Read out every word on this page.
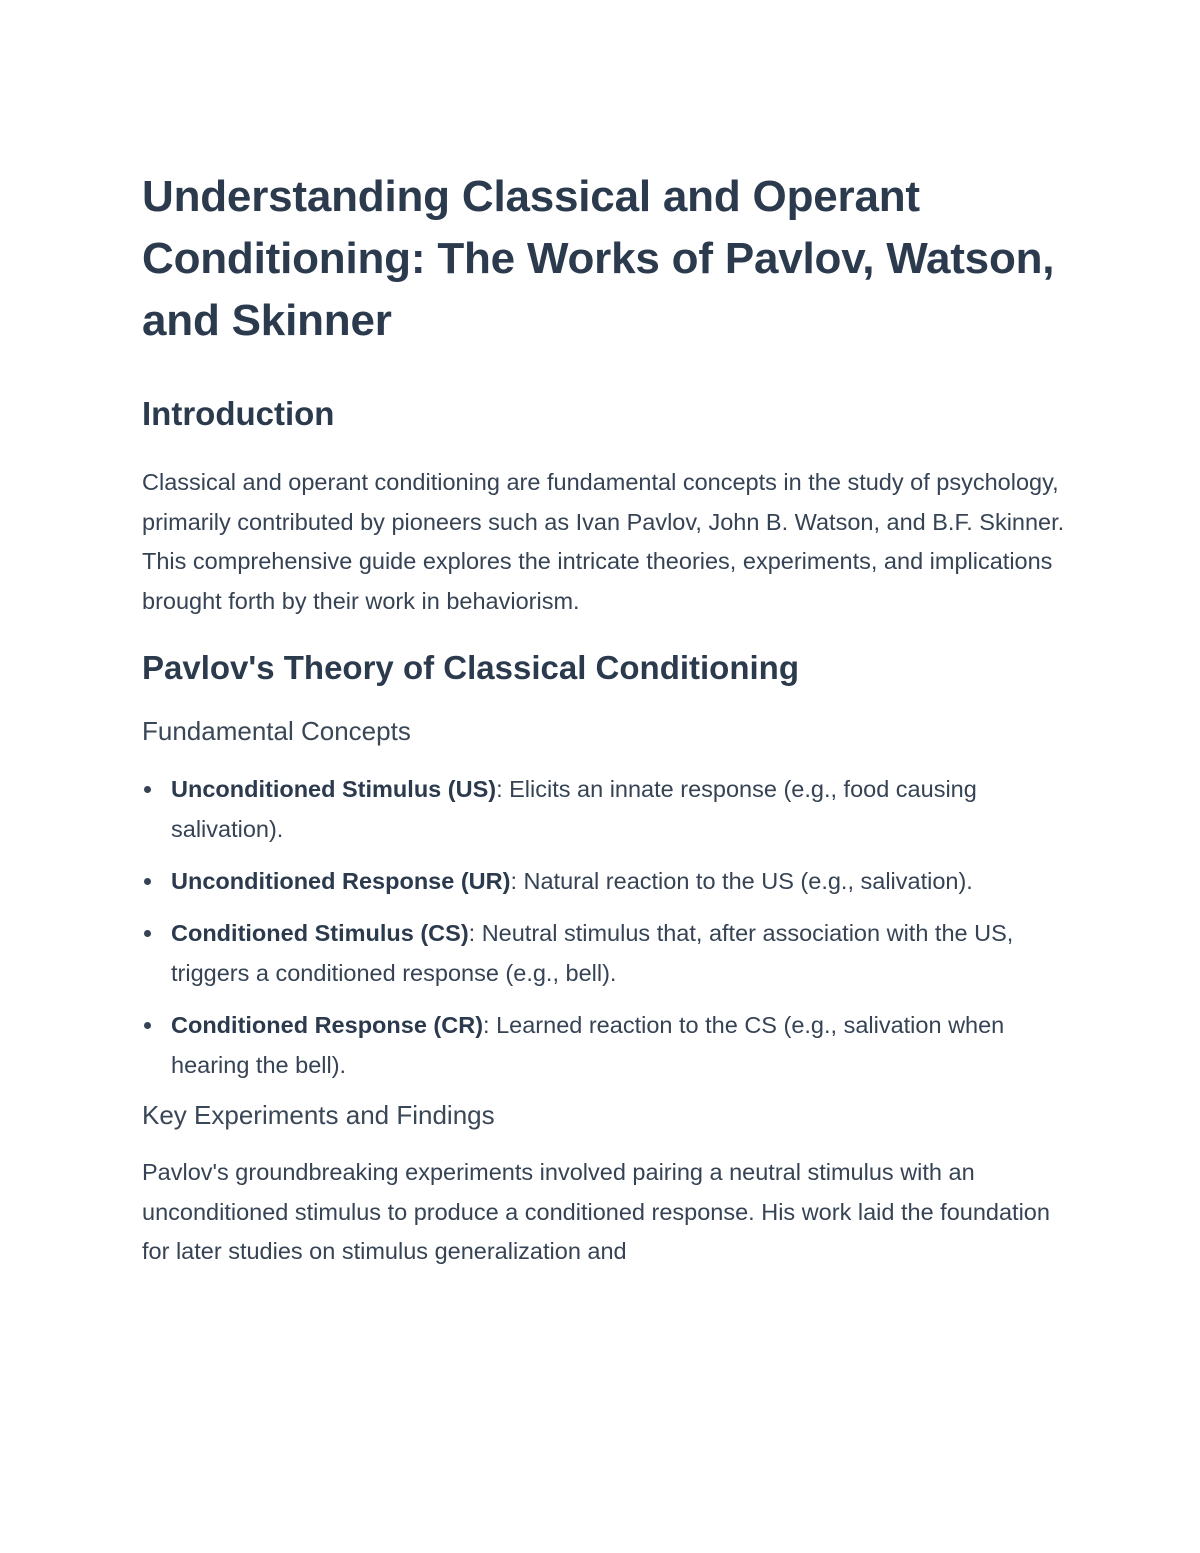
Understanding Classical and Operant Conditioning: The Works of Pavlov, Watson, and Skinner
Introduction

Classical and operant conditioning are fundamental concepts in the study of psychology, primarily contributed by pioneers such as Ivan Pavlov, John B. Watson, and B.F. Skinner. This comprehensive guide explores the intricate theories, experiments, and implications brought forth by their work in behaviorism.

Pavlov's Theory of Classical Conditioning
Fundamental Concepts
Unconditioned Stimulus (US): Elicits an innate response (e.g., food causing salivation).
Unconditioned Response (UR): Natural reaction to the US (e.g., salivation).
Conditioned Stimulus (CS): Neutral stimulus that, after association with the US, triggers a conditioned response (e.g., bell).
Conditioned Response (CR): Learned reaction to the CS (e.g., salivation when hearing the bell).
Key Experiments and Findings

Pavlov's groundbreaking experiments involved pairing a neutral stimulus with an unconditioned stimulus to produce a conditioned response. His work laid the foundation for later studies on stimulus generalization and
